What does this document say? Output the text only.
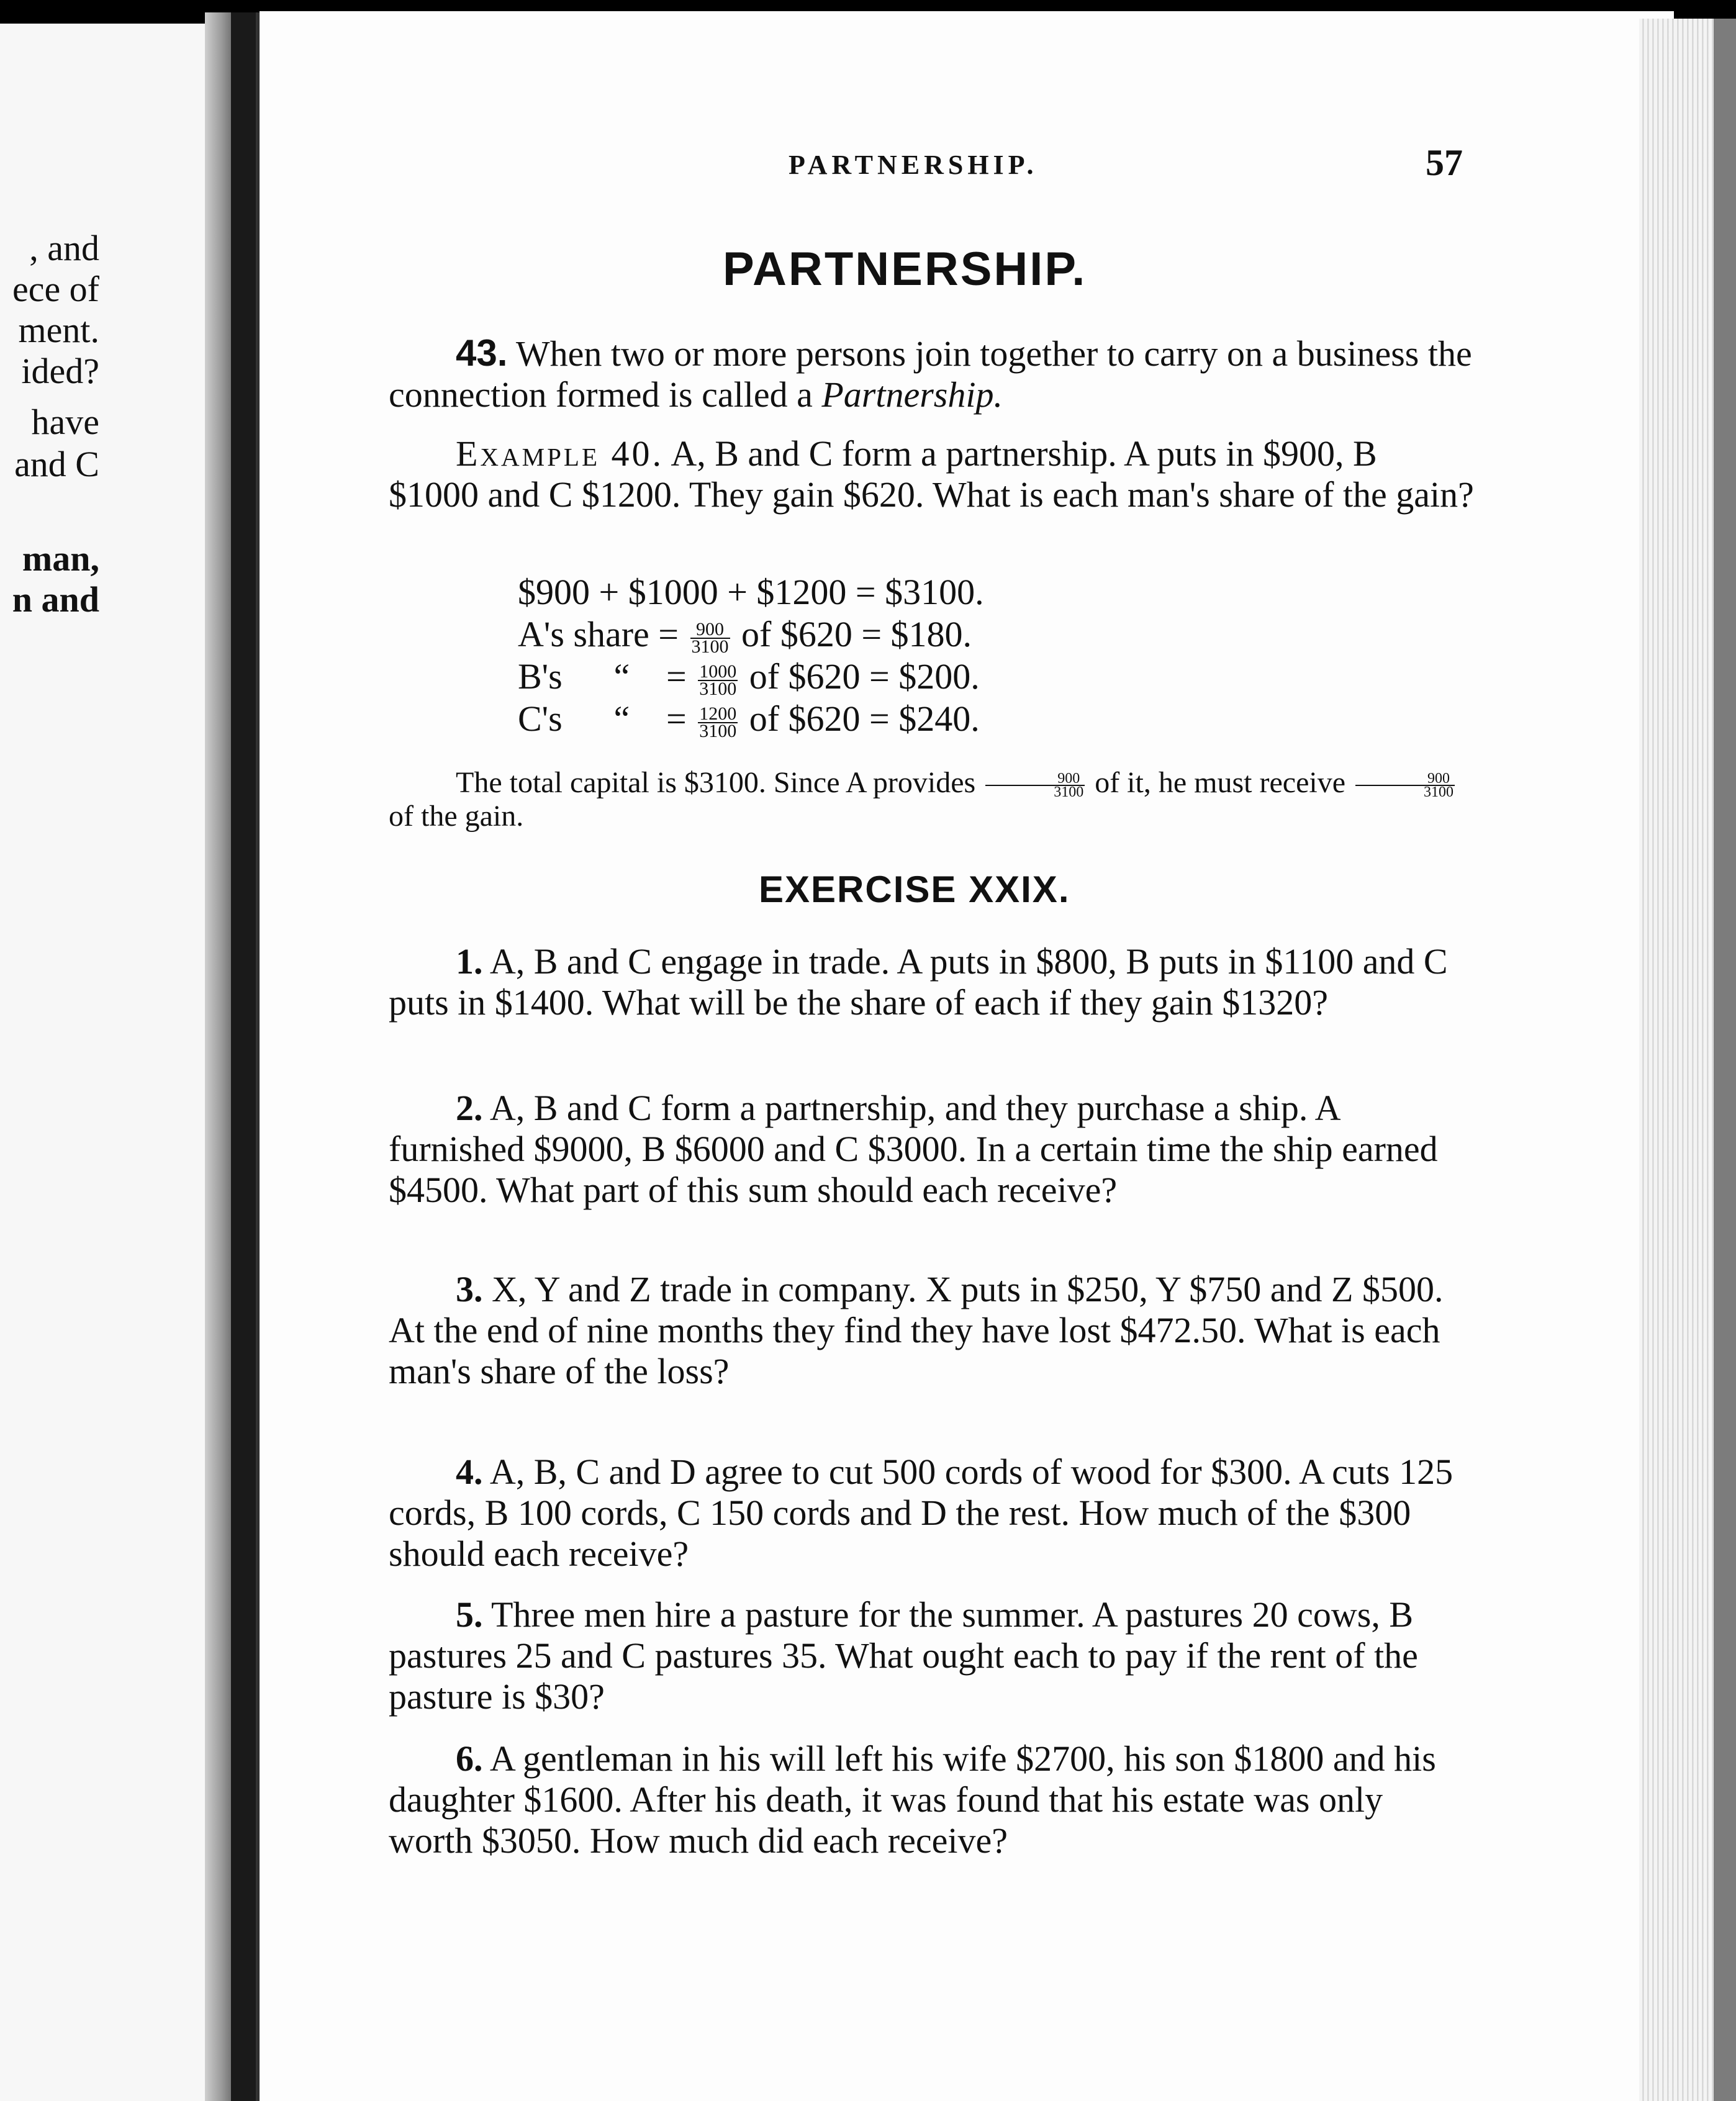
, and
ece of
ment.
ided?
have
and C
man,
n and
PARTNERSHIP.	57
PARTNERSHIP.
43. When two or more persons join together to carry on a business the connection formed is called a Partnership.
Example 40. A, B and C form a partnership. A puts in $900, B $1000 and C $1200. They gain $620. What is each man's share of the gain?
$900 + $1000 + $1200 = $3100.
A's share = $\frac{900}{3100}$ of $620 = $180.
B's “ = $\frac{1000}{3100}$ of $620 = $200.
C's “ = $\frac{1200}{3100}$ of $620 = $240.
The total capital is $3100. Since A provides $\frac{900}{3100}$ of it, he must receive $\frac{900}{3100}$
of the gain.
EXERCISE XXIX.
1. A, B and C engage in trade. A puts in $800, B puts in $1100 and C puts in $1400. What will be the share of each if they gain $1320?
2. A, B and C form a partnership, and they purchase a ship. A furnished $9000, B $6000 and C $3000. In a certain time the ship earned $4500. What part of this sum should each receive?
3. X, Y and Z trade in company. X puts in $250, Y $750 and Z $500. At the end of nine months they find they have lost $472.50. What is each man's share of the loss?
4. A, B, C and D agree to cut 500 cords of wood for $300. A cuts 125 cords, B 100 cords, C 150 cords and D the rest. How much of the $300 should each receive?
5. Three men hire a pasture for the summer. A pastures 20 cows, B pastures 25 and C pastures 35. What ought each to pay if the rent of the pasture is $30?
6. A gentleman in his will left his wife $2700, his son $1800 and his daughter $1600. After his death, it was found that his estate was only worth $3050. How much did each receive?
